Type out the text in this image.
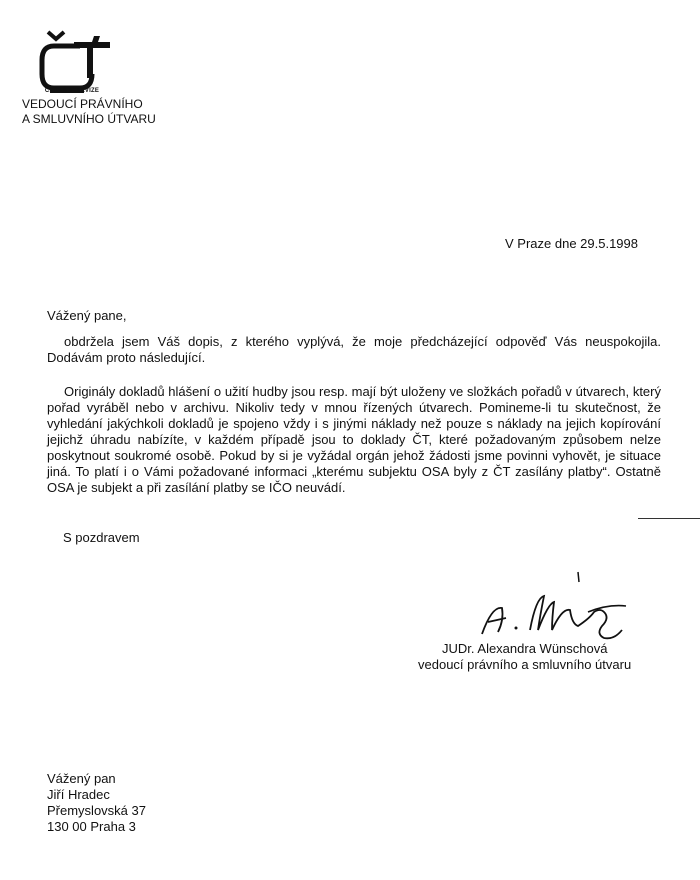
ČESKÁ TELEVIZE
VEDOUCÍ PRÁVNÍHO
A SMLUVNÍHO ÚTVARU
V Praze dne 29.5.1998
Vážený pane,
obdržela jsem Váš dopis, z kterého vyplývá, že moje předcházející odpověď Vás neuspokojila. Dodávám proto následující.
Originály dokladů hlášení o užití hudby jsou resp. mají být uloženy ve složkách pořadů v útvarech, který pořad vyráběl nebo v archivu. Nikoliv tedy v mnou řízených útvarech. Pomineme-li tu skutečnost, že vyhledání jakýchkoli dokladů je spojeno vždy i s jinými náklady než pouze s náklady na jejich kopírování jejichž úhradu nabízíte, v každém případě jsou to doklady ČT, které požadovaným způsobem nelze poskytnout soukromé osobě. Pokud by si je vyžádal orgán jehož žádosti jsme povinni vyhovět, je situace jiná. To platí i o Vámi požadované informaci „kterému subjektu OSA byly z ČT zasílány platby“. Ostatně OSA je subjekt a při zasílání platby se IČO neuvádí.
S pozdravem
JUDr. Alexandra Wünschová
vedoucí právního a smluvního útvaru
Vážený pan
Jiří Hradec
Přemyslovská 37
130 00 Praha 3
